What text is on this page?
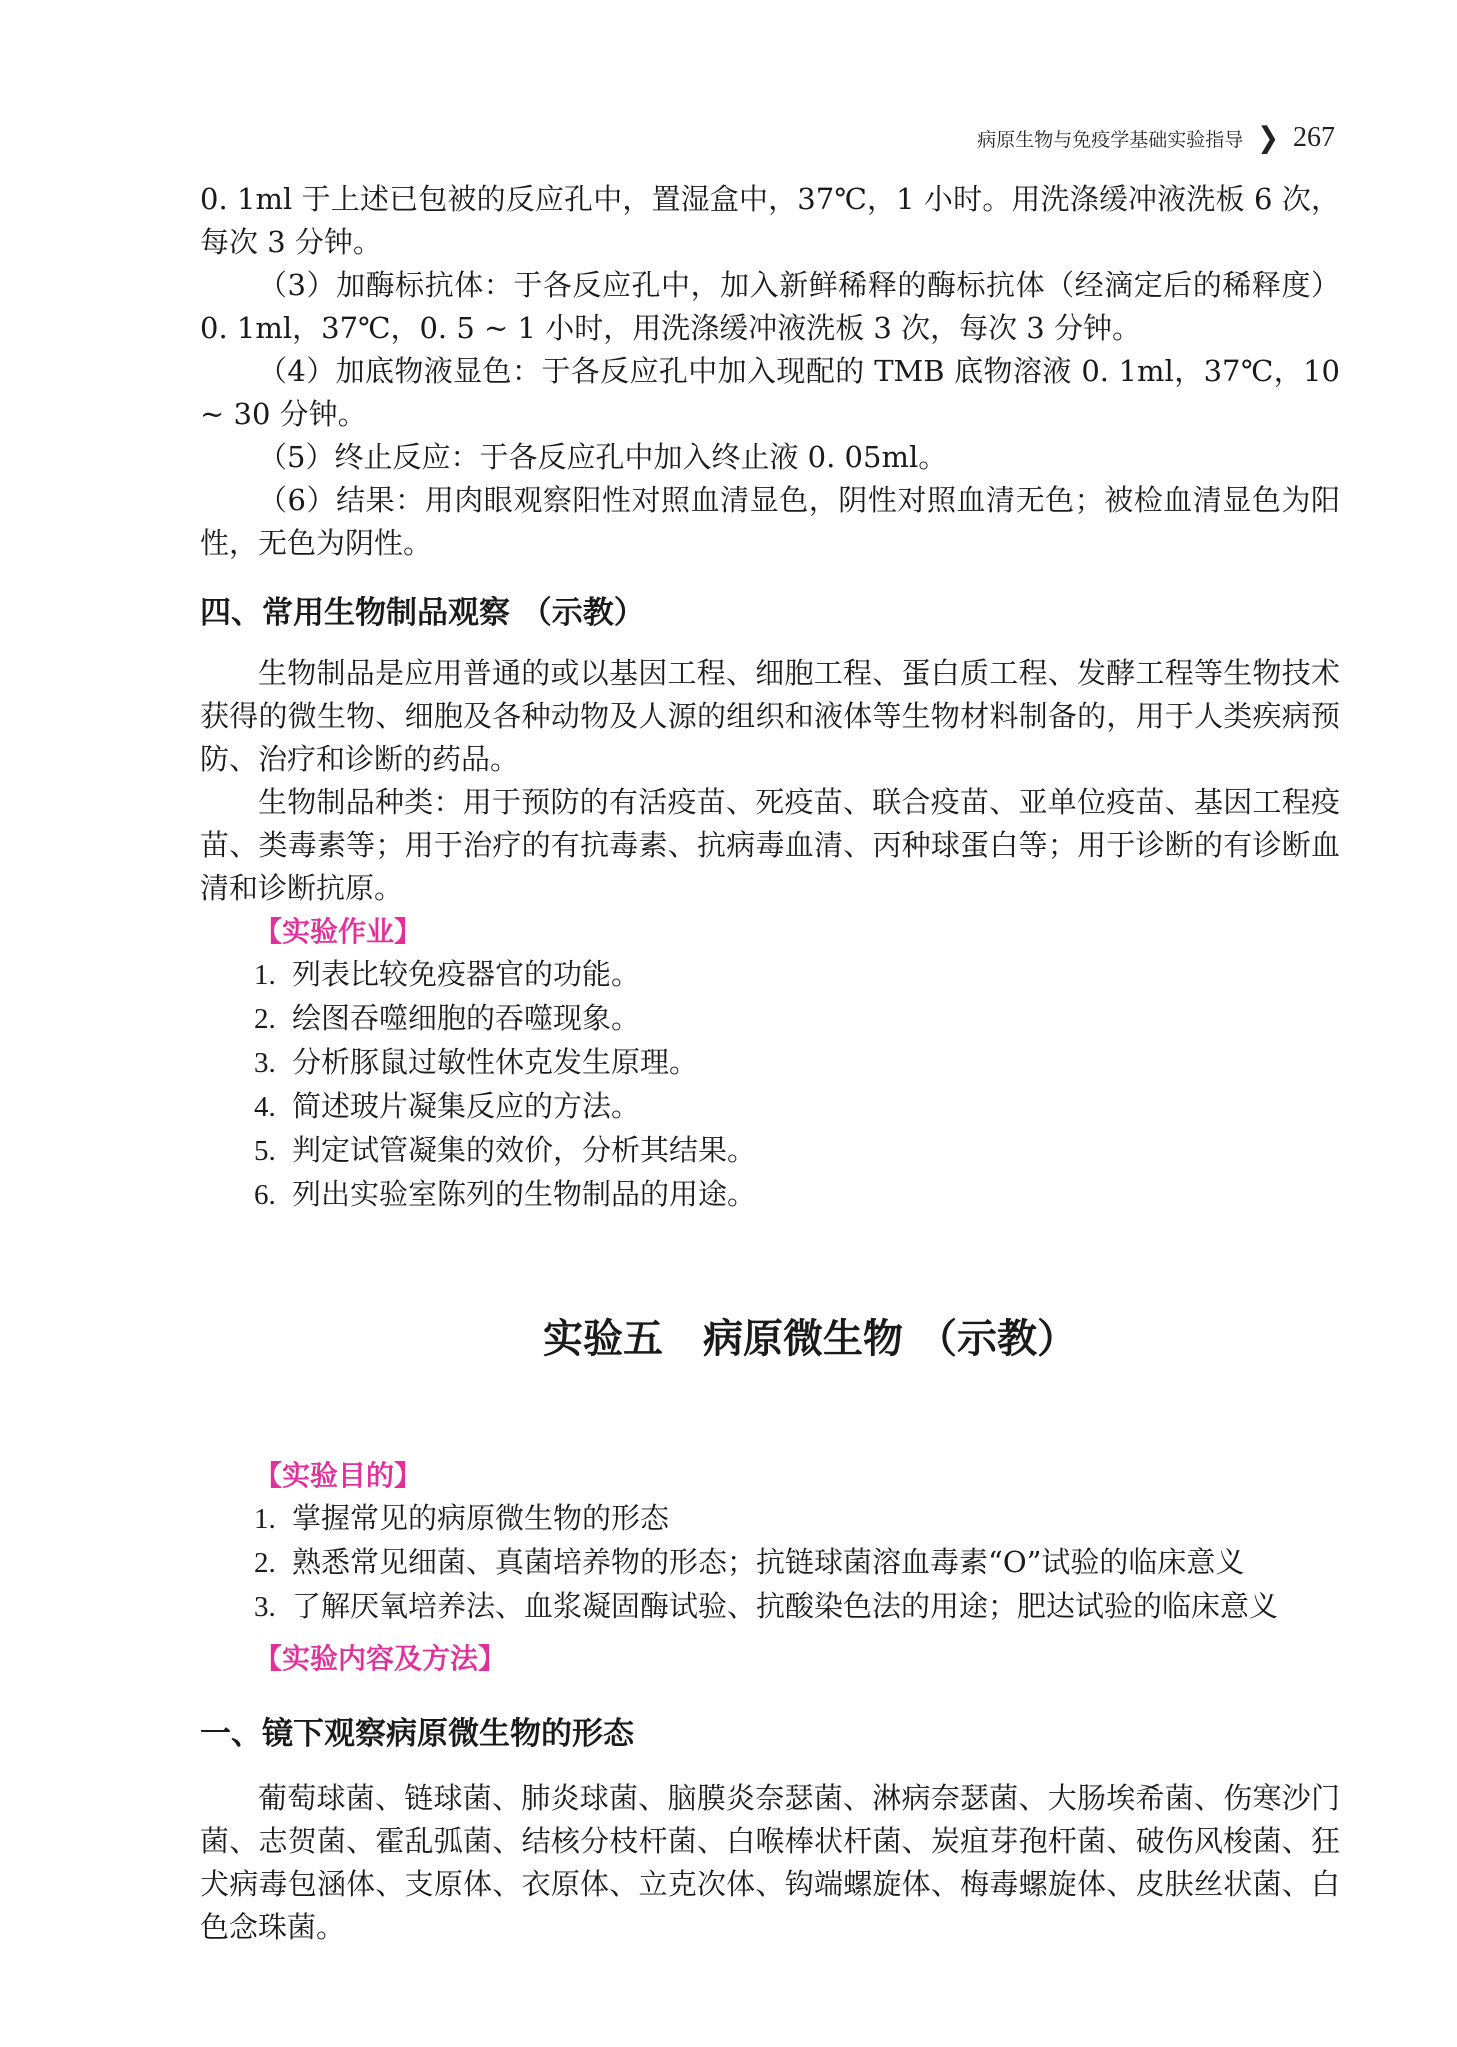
病原生物与免疫学基础实验指导 ❯ 267

0. 1ml 于上述已包被的反应孔中，置湿盒中，37℃，1 小时。用洗涤缓冲液洗板 6 次，每次 3 分钟。

（3）加酶标抗体：于各反应孔中，加入新鲜稀释的酶标抗体（经滴定后的稀释度）0. 1ml，37℃，0. 5 ~ 1 小时，用洗涤缓冲液洗板 3 次，每次 3 分钟。

（4）加底物液显色：于各反应孔中加入现配的 TMB 底物溶液 0. 1ml，37℃，10 ~ 30 分钟。

（5）终止反应：于各反应孔中加入终止液 0. 05ml。

（6）结果：用肉眼观察阳性对照血清显色，阴性对照血清无色；被检血清显色为阳性，无色为阴性。

四、常用生物制品观察 （示教）

生物制品是应用普通的或以基因工程、细胞工程、蛋白质工程、发酵工程等生物技术获得的微生物、细胞及各种动物及人源的组织和液体等生物材料制备的，用于人类疾病预防、治疗和诊断的药品。

生物制品种类：用于预防的有活疫苗、死疫苗、联合疫苗、亚单位疫苗、基因工程疫苗、类毒素等；用于治疗的有抗毒素、抗病毒血清、丙种球蛋白等；用于诊断的有诊断血清和诊断抗原。

【实验作业】
1. 列表比较免疫器官的功能。
2. 绘图吞噬细胞的吞噬现象。
3. 分析豚鼠过敏性休克发生原理。
4. 简述玻片凝集反应的方法。
5. 判定试管凝集的效价，分析其结果。
6. 列出实验室陈列的生物制品的用途。
实验五 病原微生物 （示教）
【实验目的】
1. 掌握常见的病原微生物的形态
2. 熟悉常见细菌、真菌培养物的形态；抗链球菌溶血毒素“O”试验的临床意义
3. 了解厌氧培养法、血浆凝固酶试验、抗酸染色法的用途；肥达试验的临床意义
【实验内容及方法】
一、镜下观察病原微生物的形态

葡萄球菌、链球菌、肺炎球菌、脑膜炎奈瑟菌、淋病奈瑟菌、大肠埃希菌、伤寒沙门菌、志贺菌、霍乱弧菌、结核分枝杆菌、白喉棒状杆菌、炭疽芽孢杆菌、破伤风梭菌、狂犬病毒包涵体、支原体、衣原体、立克次体、钩端螺旋体、梅毒螺旋体、皮肤丝状菌、白色念珠菌。
